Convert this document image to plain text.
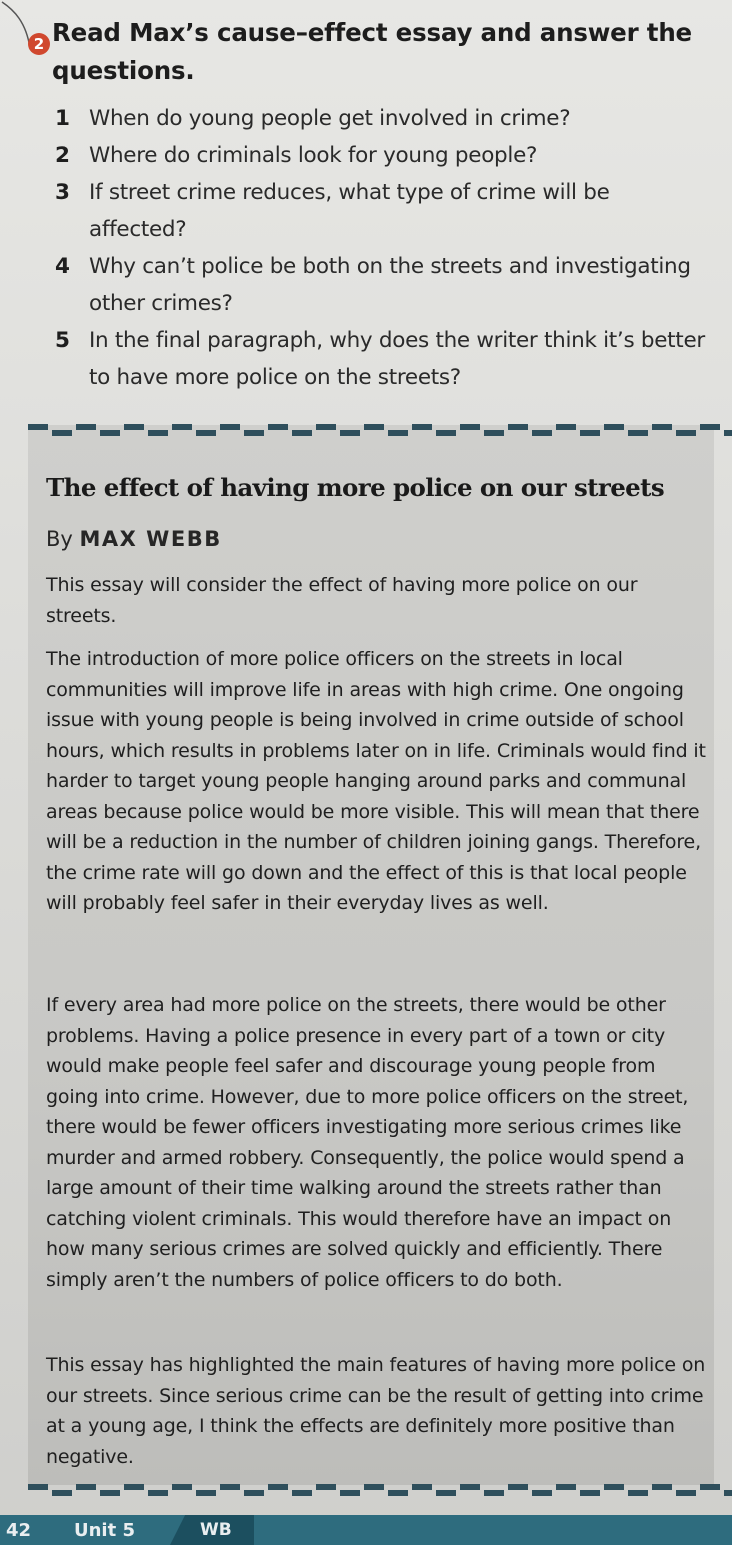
2 Read Max’s cause–effect essay and answer the questions.
1 When do young people get involved in crime?
2 Where do criminals look for young people?
3 If street crime reduces, what type of crime will be affected?
4 Why can’t police be both on the streets and investigating other crimes?
5 In the final paragraph, why does the writer think it’s better to have more police on the streets?
The effect of having more police on our streets
By MAX WEBB
This essay will consider the effect of having more police on our streets.
The introduction of more police officers on the streets in local communities will improve life in areas with high crime. One ongoing issue with young people is being involved in crime outside of school hours, which results in problems later on in life. Criminals would find it harder to target young people hanging around parks and communal areas because police would be more visible. This will mean that there will be a reduction in the number of children joining gangs. Therefore, the crime rate will go down and the effect of this is that local people will probably feel safer in their everyday lives as well.
If every area had more police on the streets, there would be other problems. Having a police presence in every part of a town or city would make people feel safer and discourage young people from going into crime. However, due to more police officers on the street, there would be fewer officers investigating more serious crimes like murder and armed robbery. Consequently, the police would spend a large amount of their time walking around the streets rather than catching violent criminals. This would therefore have an impact on how many serious crimes are solved quickly and efficiently. There simply aren’t the numbers of police officers to do both.
This essay has highlighted the main features of having more police on our streets. Since serious crime can be the result of getting into crime at a young age, I think the effects are definitely more positive than negative.
42 Unit 5	WB
